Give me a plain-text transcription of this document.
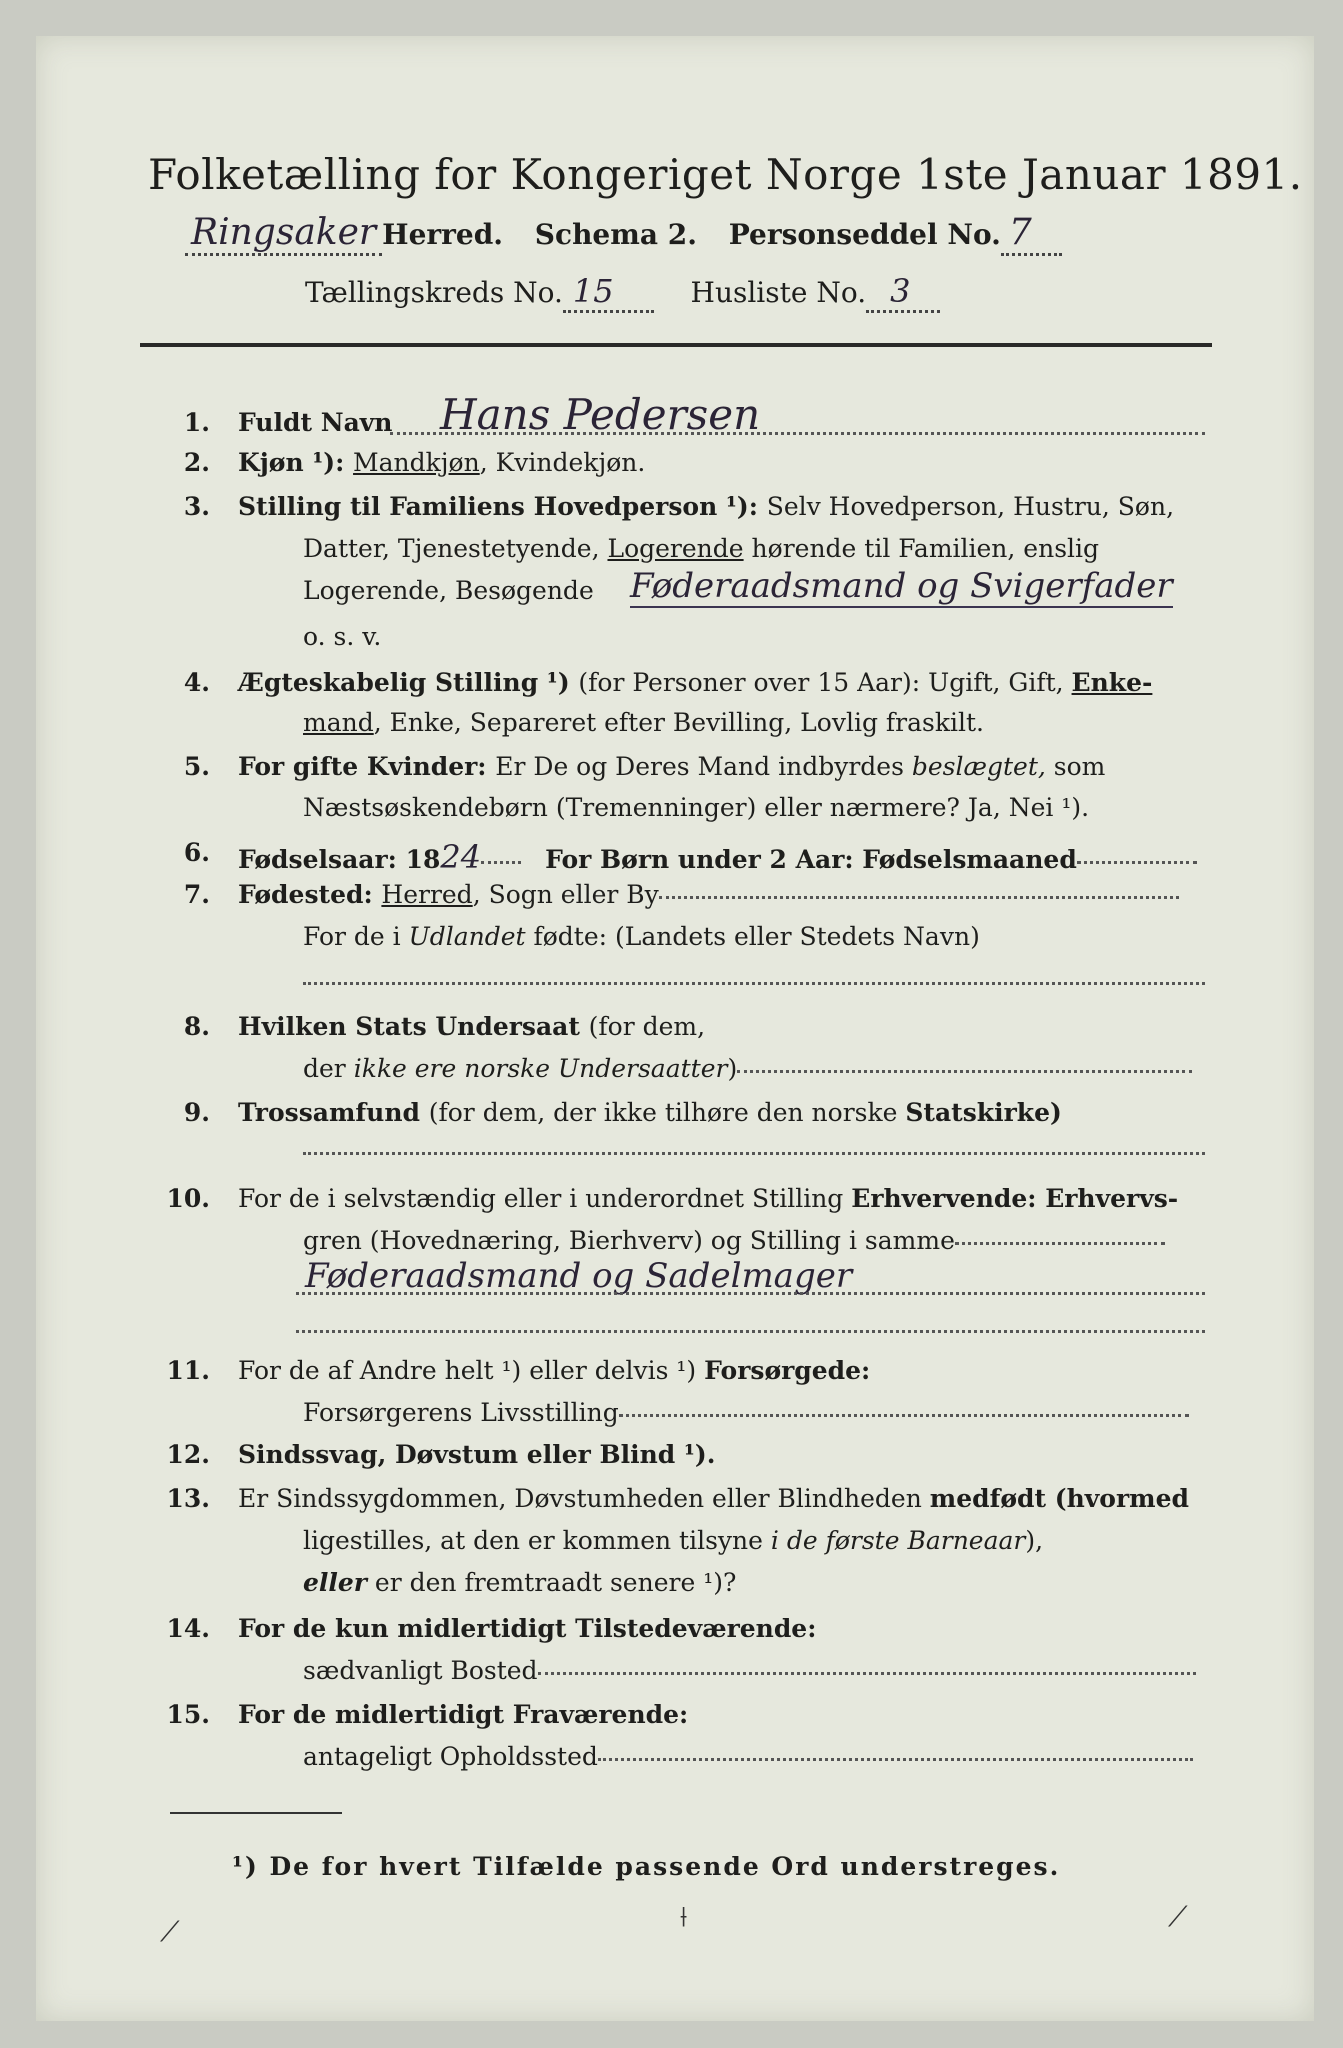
Folketælling for Kongeriget Norge 1ste Januar 1891.
Ringsaker Herred. Schema 2. Personseddel No. 7
Tællingskreds No. 15	Husliste No. 3
1. Fuldt Navn Hans Pedersen
2. Kjøn ¹): Mandkjøn, Kvindekjøn.
3. Stilling til Familiens Hovedperson ¹): Selv Hovedperson, Hustru, Søn,
Datter, Tjenestetyende, Logerende hørende til Familien, enslig
Logerende, Besøgende Føderaadsmand og Svigerfader
o. s. v.
4. Ægteskabelig Stilling ¹) (for Personer over 15 Aar): Ugift, Gift, Enke-
mand, Enke, Separeret efter Bevilling, Lovlig fraskilt.
5. For gifte Kvinder: Er De og Deres Mand indbyrdes beslægtet, som
Næstsøskendebørn (Tremenninger) eller nærmere? Ja, Nei ¹).
6. Fødselsaar: 1824	For Børn under 2 Aar: Fødselsmaaned
7. Fødested: Herred, Sogn eller By
For de i Udlandet fødte: (Landets eller Stedets Navn)
8. Hvilken Stats Undersaat (for dem,
der ikke ere norske Undersaatter)
9. Trossamfund (for dem, der ikke tilhøre den norske Statskirke)
10. For de i selvstændig eller i underordnet Stilling Erhvervende: Erhvervs-
gren (Hovednæring, Bierhverv) og Stilling i samme
Føderaadsmand og Sadelmager
11. For de af Andre helt ¹) eller delvis ¹) Forsørgede:
Forsørgerens Livsstilling
12. Sindssvag, Døvstum eller Blind ¹).
13. Er Sindssygdommen, Døvstumheden eller Blindheden medfødt (hvormed
ligestilles, at den er kommen tilsyne i de første Barneaar),
eller er den fremtraadt senere ¹)?
14. For de kun midlertidigt Tilstedeværende:
sædvanligt Bosted
15. For de midlertidigt Fraværende:
antageligt Opholdssted
¹) De for hvert Tilfælde passende Ord understreges.
⟋	⟊	⟋
